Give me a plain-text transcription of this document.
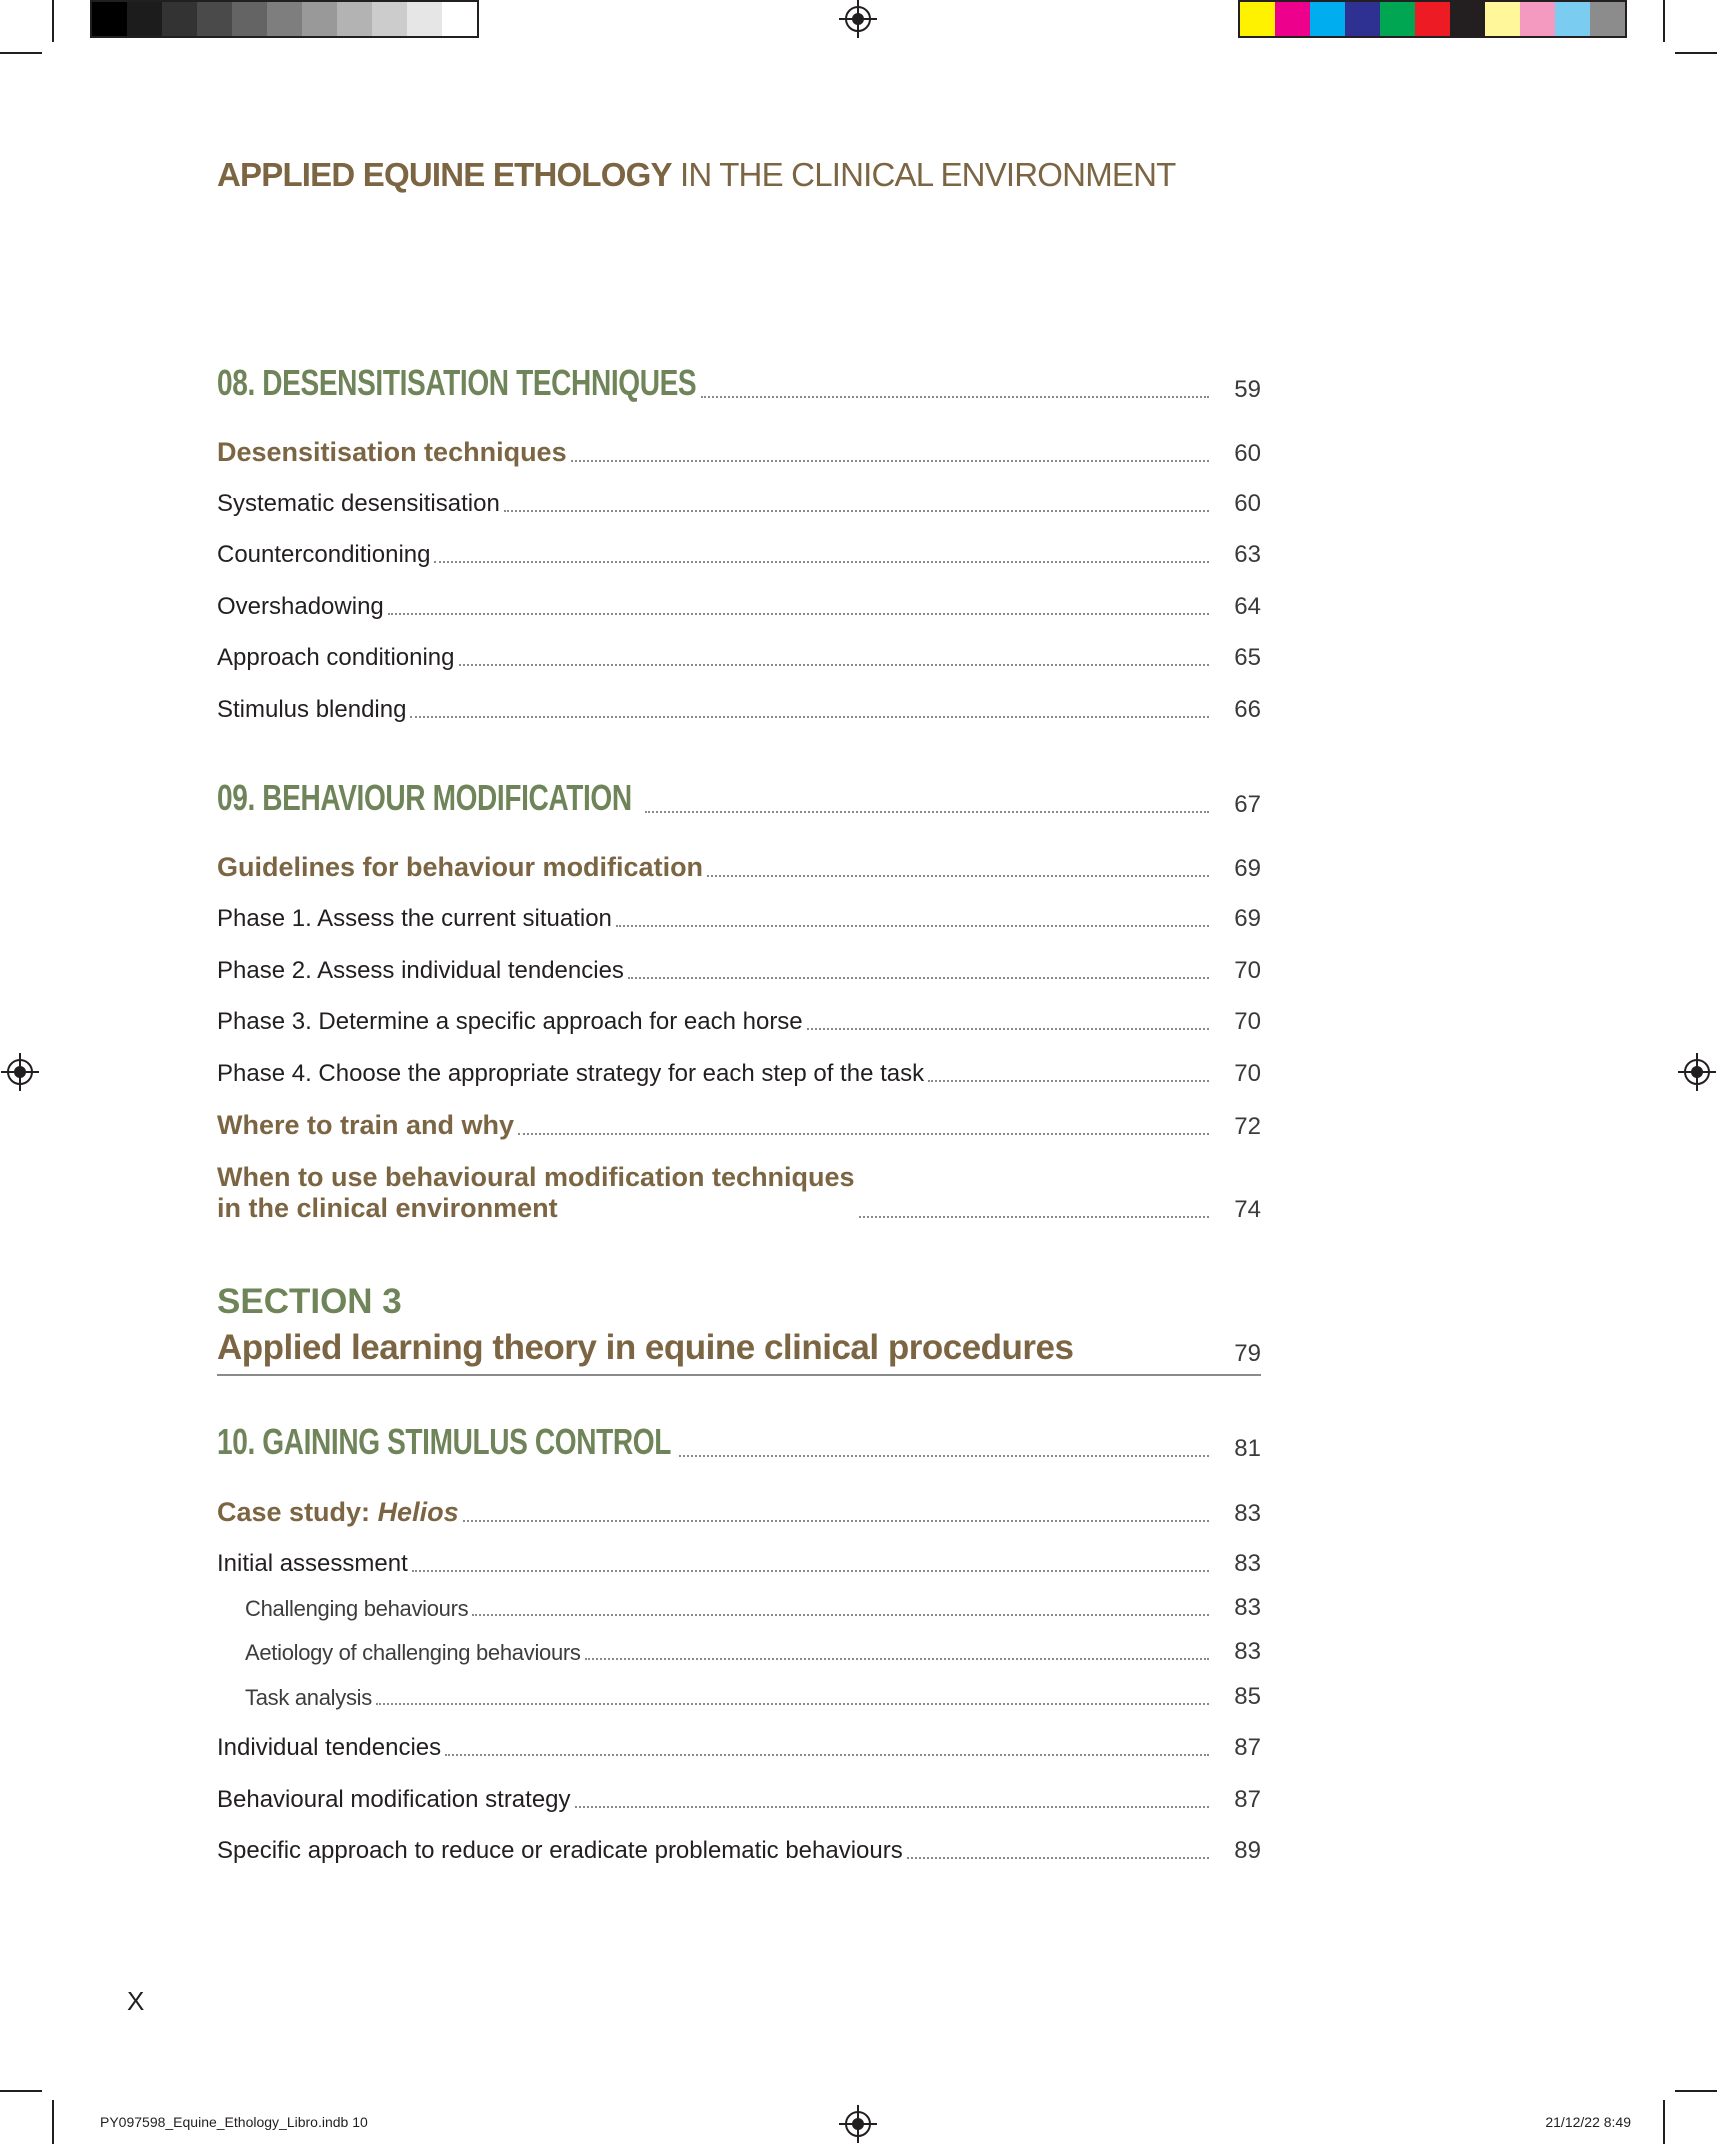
APPLIED EQUINE ETHOLOGY IN THE CLINICAL ENVIRONMENT
08. DESENSITISATION TECHNIQUES	59
Desensitisation techniques	60
Systematic desensitisation	60
Counterconditioning	63
Overshadowing	64
Approach conditioning	65
Stimulus blending	66
09. BEHAVIOUR MODIFICATION	67
Guidelines for behaviour modification	69
Phase 1. Assess the current situation	69
Phase 2. Assess individual tendencies	70
Phase 3. Determine a specific approach for each horse	70
Phase 4. Choose the appropriate strategy for each step of the task	70
Where to train and why	72
When to use behavioural modification techniques
in the clinical environment	74
SECTION 3
Applied learning theory in equine clinical procedures	79
10. GAINING STIMULUS CONTROL	81
Case study: Helios	83
Initial assessment	83
Challenging behaviours	83
Aetiology of challenging behaviours	83
Task analysis	85
Individual tendencies	87
Behavioural modification strategy	87
Specific approach to reduce or eradicate problematic behaviours	89
X
PY097598_Equine_Ethology_Libro.indb 10	21/12/22 8:49
